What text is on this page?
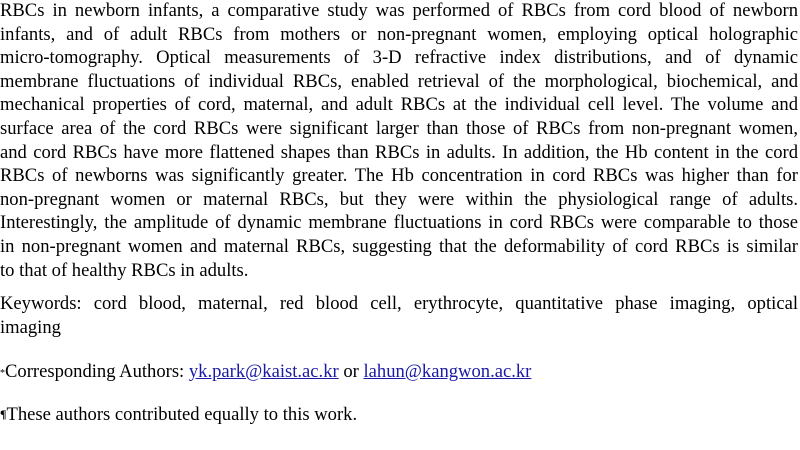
RBCs in newborn infants, a comparative study was performed of RBCs from cord blood of newborn
infants, and of adult RBCs from mothers or non-pregnant women, employing optical holographic
micro-tomography. Optical measurements of 3-D refractive index distributions, and of dynamic
membrane fluctuations of individual RBCs, enabled retrieval of the morphological, biochemical, and
mechanical properties of cord, maternal, and adult RBCs at the individual cell level. The volume and
surface area of the cord RBCs were significant larger than those of RBCs from non-pregnant women,
and cord RBCs have more flattened shapes than RBCs in adults. In addition, the Hb content in the cord
RBCs of newborns was significantly greater. The Hb concentration in cord RBCs was higher than for
non-pregnant women or maternal RBCs, but they were within the physiological range of adults.
Interestingly, the amplitude of dynamic membrane fluctuations in cord RBCs were comparable to those
in non-pregnant women and maternal RBCs, suggesting that the deformability of cord RBCs is similar
to that of healthy RBCs in adults.
Keywords: cord blood, maternal, red blood cell, erythrocyte, quantitative phase imaging, optical
imaging
*Corresponding Authors: yk.park@kaist.ac.kr or lahun@kangwon.ac.kr
¶These authors contributed equally to this work.
